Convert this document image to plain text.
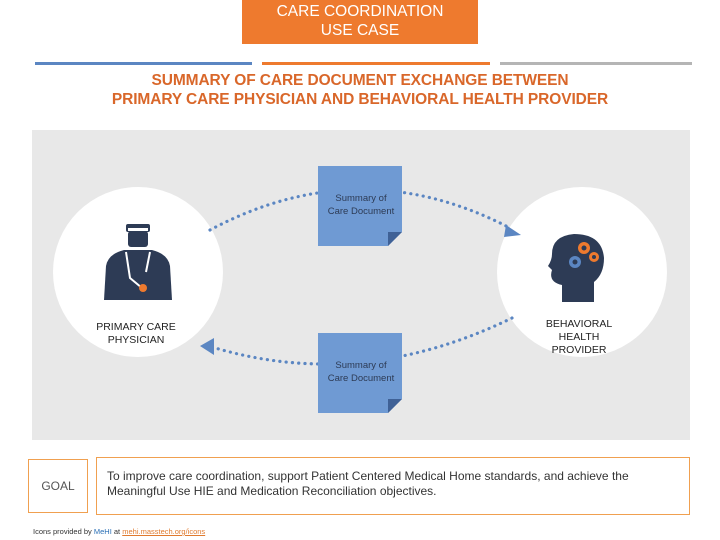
CARE COORDINATION
USE CASE
SUMMARY OF CARE DOCUMENT EXCHANGE BETWEEN
PRIMARY CARE PHYSICIAN AND BEHAVIORAL HEALTH PROVIDER
Summary of
Care Document
Summary of
Care Document
PRIMARY CARE
PHYSICIAN
BEHAVIORAL
HEALTH
PROVIDER
GOAL
To improve care coordination, support Patient Centered Medical Home standards, and achieve the
Meaningful Use HIE and Medication Reconciliation objectives.
Icons provided by MeHI at mehi.masstech.org/icons
